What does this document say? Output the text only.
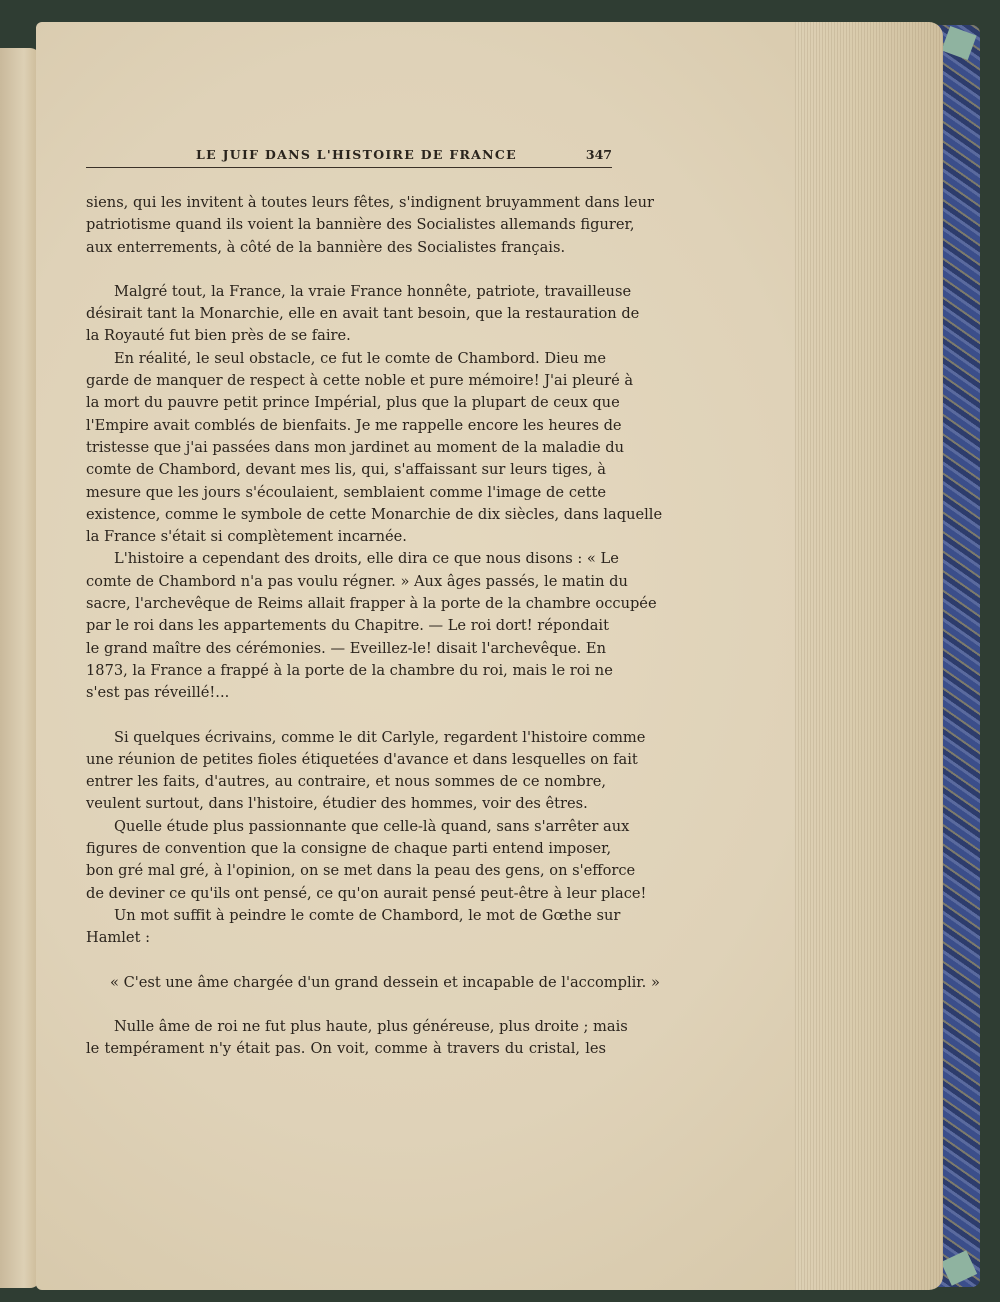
LE JUIF DANS L'HISTOIRE DE FRANCE	347
siens, qui les invitent à toutes leurs fêtes, s'indignent bruyamment dans leur
patriotisme quand ils voient la bannière des Socialistes allemands figurer,
aux enterrements, à côté de la bannière des Socialistes français.
Malgré tout, la France, la vraie France honnête, patriote, travailleuse
désirait tant la Monarchie, elle en avait tant besoin, que la restauration de
la Royauté fut bien près de se faire.
En réalité, le seul obstacle, ce fut le comte de Chambord. Dieu me
garde de manquer de respect à cette noble et pure mémoire! J'ai pleuré à
la mort du pauvre petit prince Impérial, plus que la plupart de ceux que
l'Empire avait comblés de bienfaits. Je me rappelle encore les heures de
tristesse que j'ai passées dans mon jardinet au moment de la maladie du
comte de Chambord, devant mes lis, qui, s'affaissant sur leurs tiges, à
mesure que les jours s'écoulaient, semblaient comme l'image de cette
existence, comme le symbole de cette Monarchie de dix siècles, dans laquelle
la France s'était si complètement incarnée.
L'histoire a cependant des droits, elle dira ce que nous disons : « Le
comte de Chambord n'a pas voulu régner. » Aux âges passés, le matin du
sacre, l'archevêque de Reims allait frapper à la porte de la chambre occupée
par le roi dans les appartements du Chapitre. — Le roi dort! répondait
le grand maître des cérémonies. — Eveillez-le! disait l'archevêque. En
1873, la France a frappé à la porte de la chambre du roi, mais le roi ne
s'est pas réveillé!...
Si quelques écrivains, comme le dit Carlyle, regardent l'histoire comme
une réunion de petites fioles étiquetées d'avance et dans lesquelles on fait
entrer les faits, d'autres, au contraire, et nous sommes de ce nombre,
veulent surtout, dans l'histoire, étudier des hommes, voir des êtres.
Quelle étude plus passionnante que celle-là quand, sans s'arrêter aux
figures de convention que la consigne de chaque parti entend imposer,
bon gré mal gré, à l'opinion, on se met dans la peau des gens, on s'efforce
de deviner ce qu'ils ont pensé, ce qu'on aurait pensé peut-être à leur place!
Un mot suffit à peindre le comte de Chambord, le mot de Gœthe sur
Hamlet :
« C'est une âme chargée d'un grand dessein et incapable de l'accomplir. »
Nulle âme de roi ne fut plus haute, plus généreuse, plus droite ; mais
le tempérament n'y était pas. On voit, comme à travers du cristal, les
